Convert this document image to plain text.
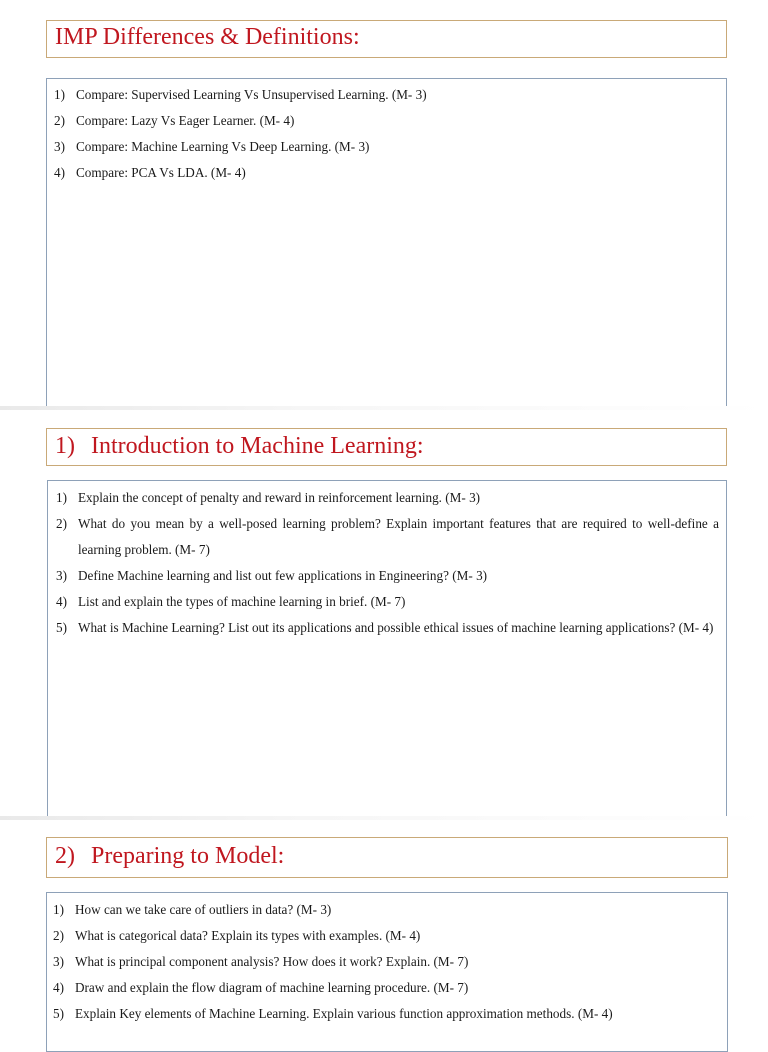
IMP Differences & Definitions:
1) Compare: Supervised Learning Vs Unsupervised Learning. (M- 3)
2) Compare: Lazy Vs Eager Learner. (M- 4)
3) Compare: Machine Learning Vs Deep Learning. (M- 3)
4) Compare: PCA Vs LDA. (M- 4)
1) Introduction to Machine Learning:
1) Explain the concept of penalty and reward in reinforcement learning. (M- 3)
2) What do you mean by a well-posed learning problem? Explain important features that are required to well-define a learning problem. (M- 7)
3) Define Machine learning and list out few applications in Engineering? (M- 3)
4) List and explain the types of machine learning in brief. (M- 7)
5) What is Machine Learning? List out its applications and possible ethical issues of machine learning applications? (M- 4)
2) Preparing to Model:
1) How can we take care of outliers in data? (M- 3)
2) What is categorical data? Explain its types with examples. (M- 4)
3) What is principal component analysis? How does it work? Explain. (M- 7)
4) Draw and explain the flow diagram of machine learning procedure. (M- 7)
5) Explain Key elements of Machine Learning. Explain various function approximation methods. (M- 4)
